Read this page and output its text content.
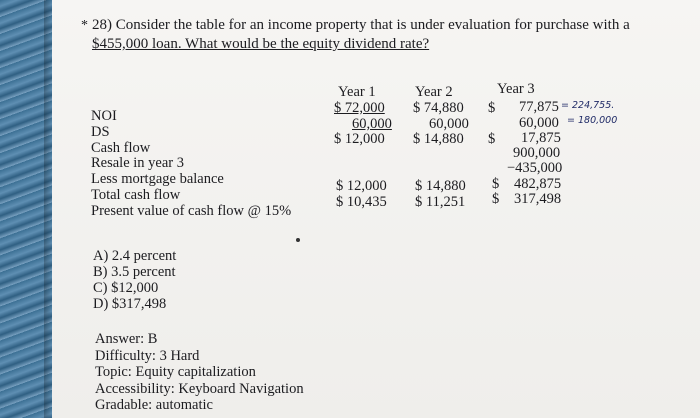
* 28) Consider the table for an income property that is under evaluation for purchase with a
$455,000 loan. What would be the equity dividend rate?
Year 1	Year 2	Year 3
NOI
DS
Cash flow
Resale in year 3
Less mortgage balance
Total cash flow
Present value of cash flow @ 15%
$ 72,000
60,000
$ 12,000
$ 12,000
$ 10,435
$ 74,880
60,000
$ 14,880
$ 14,880
$ 11,251
$ 77,875
60,000
$ 17,875
900,000
−435,000
$ 482,875
$ 317,498
= 224,755.
= 180,000
A) 2.4 percent
B) 3.5 percent
C) $12,000
D) $317,498
Answer: B
Difficulty: 3 Hard
Topic: Equity capitalization
Accessibility: Keyboard Navigation
Gradable: automatic
